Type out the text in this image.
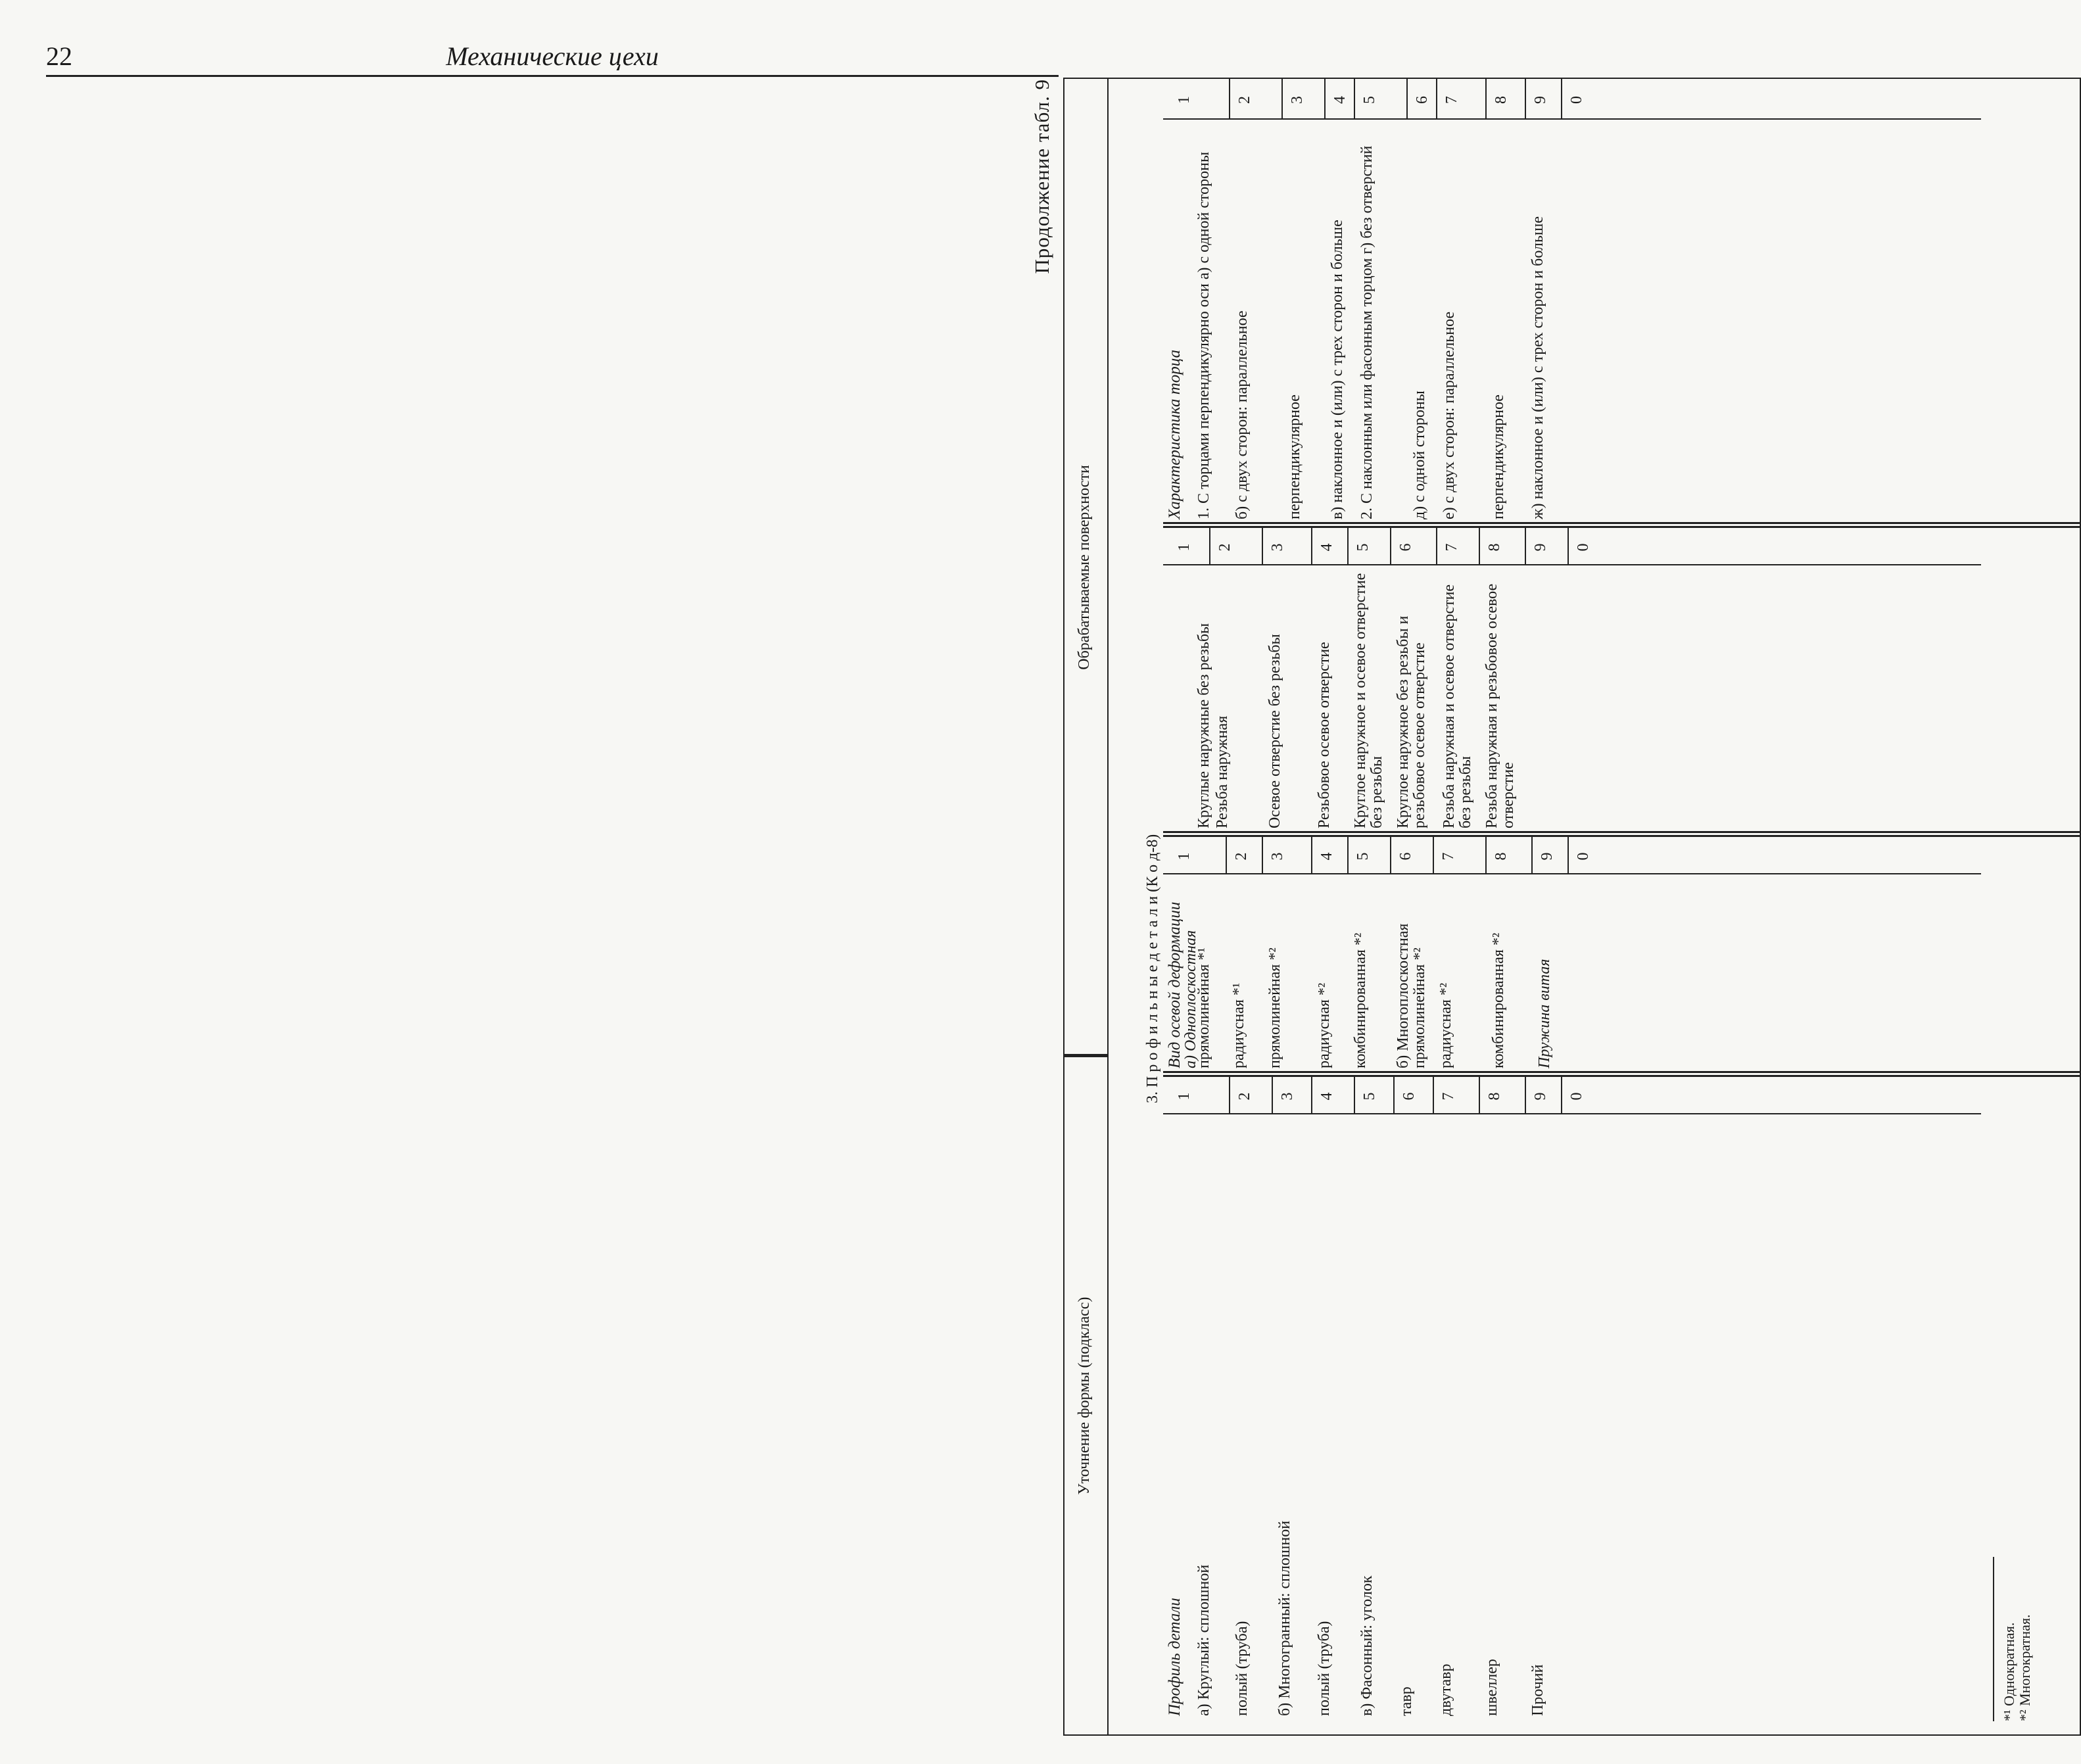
22	Механические цехи
Продолжение табл. 9
Уточнение формы (подкласс)
Обрабатываемые поверхности
3. П р о ф и л ь н ы е д е т а л и (К о д-8)
а) Круглый: сплошной
1
полый (труба)
2
б) Многогранный: сплошной
3
полый (труба)
4
в) Фасонный: уголок
5
тавр
6
двутавр
7
швеллер
8
Прочий
9 0
Профиль детали
прямолинейная *¹
1
радиусная *¹
2
прямолинейная *²
3
радиусная *²
4
комбинированная *²
5
б) Многоплоскостная прямолинейная *²
6
радиусная *²
7
комбинированная *²
8
Пружина витая
9 0
Вид осевой деформации
Круглые наружные без резьбы
1
Резьба наружная
2
Осевое отверстие без резьбы
3
Резьбовое осевое отверстие
4
Круглое наружное и осевое отверстие без резьбы
5
Круглое наружное без резьбы и резьбовое осевое отверстие
6
Резьба наружная и осевое отверстие без резьбы
7
Резьба наружная и резьбовое осевое отверстие
8 9 0
1. С торцами перпендикулярно оси а) с одной стороны
1
б) с двух сторон: параллельное
2
перпендикулярное
3
в) наклонное и (или) с трех сторон и больше
4
2. С наклонным или фасонным торцом г) без отверстий
5
д) с одной стороны
6
е) с двух сторон: параллельное
7
перпендикулярное
8
ж) наклонное и (или) с трех сторон и больше
9 0
Характеристика торца
а) Однoплоскостная
*¹ Однократная. *² Многократная.
